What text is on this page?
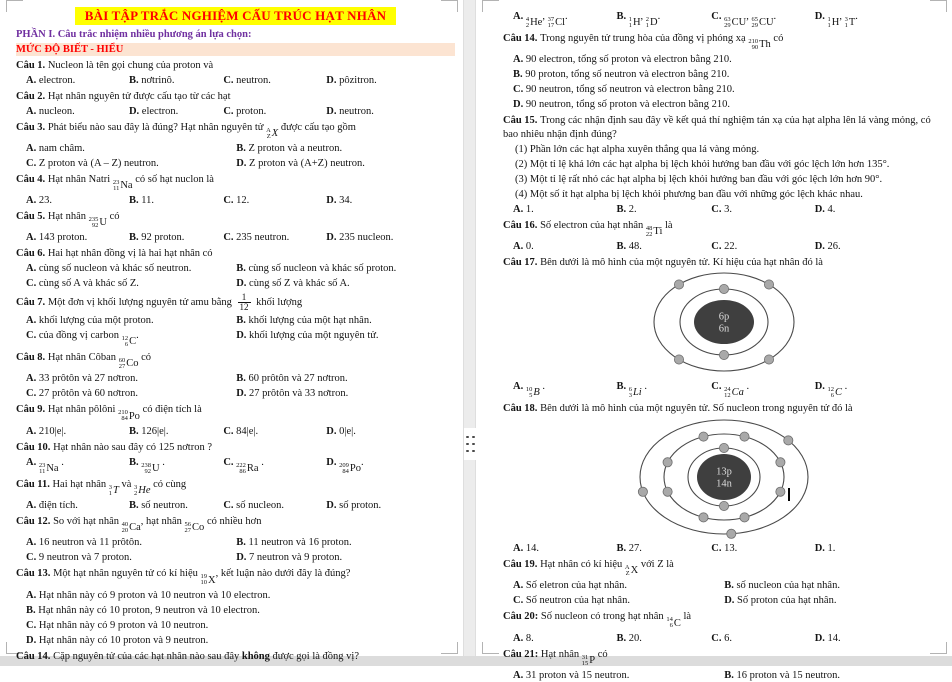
BÀI TẬP TRẮC NGHIỆM CẤU TRÚC HẠT NHÂN
PHẦN I. Câu trắc nhiệm nhiều phương án lựa chọn:
MỨC ĐỘ BIẾT - HIỂU
Câu 1. Nucleon là tên gọi chung của proton và
A. electron.	B. nơtrinô.	C. neutron.	D. pôzitron.
Câu 2. Hạt nhân nguyên tử được cấu tạo từ các hạt
A. nucleon.	D. electron.	C. proton.	D. neutron.
Câu 3. Phát biểu nào sau đây là đúng? Hạt nhân nguyên tử A
Z X
được cấu tạo gồm
A. nam châm.	B. Z proton và a neutron.
C. Z proton và (A – Z) neutron.	D. Z proton và (A+Z) neutron.
Câu 4. Hạt nhân Natri 23
11 Na
có số hạt nuclon là
A. 23.	B. 11.	C. 12.	D. 34.
Câu 5. Hạt nhân 235
92 U
có
A. 143 proton.	B. 92 proton.	C. 235 neutron.	D. 235 nucleon.
Câu 6. Hai hạt nhân đồng vị là hai hạt nhân có
A. cùng số nucleon và khác số neutron.	B. cùng số nucleon và khác số proton.
C. cùng số A và khác số Z.	D. cùng số Z và khác số A.
Câu 7. Một đơn vị khối lượng nguyên tử amu bằng $\frac{1}{12}$ khối lượng
A. khối lượng của một proton.	B. khối lượng của một hạt nhân.
C. của đồng vị carbon 12
6 C
.	D. khối lượng của một nguyên tử.
Câu 8. Hạt nhân Côban 60
27 Co
có
A. 33 prôtôn và 27 nơtron.	B. 60 prôtôn và 27 nơtron.
C. 27 prôtôn và 60 nơtron.	D. 27 prôtôn và 33 nơtron.
Câu 9. Hạt nhân pôlôni 210
84 Po
có điện tích là
A. 210|e|.	B. 126|e|.	C. 84|e|.	D. 0|e|.
Câu 10. Hạt nhân nào sau đây có 125 nơtron ?
A. 23
11 Na
.	B. 238
92 U
.	C. 222
86 Ra
.	D. 209
84 Po
.
Câu 11. Hai hạt nhân 3
1 T
và 3
2 He
có cùng
A. điện tích.	B. số neutron.	C. số nucleon.	D. số proton.
Câu 12. So với hạt nhân 40
20 Ca
, hạt nhân 56
27 Co
có nhiều hơn
A. 16 neutron và 11 prôtôn.	B. 11 neutron và 16 proton.
C. 9 neutron và 7 proton.	D. 7 neutron và 9 proton.
Câu 13. Một hạt nhân nguyên tử có kí hiệu 19
10 X
, kết luận nào dưới đây là đúng?
A. Hạt nhân này có 9 proton và 10 neutron và 10 electron.
B. Hạt nhân này có 10 proton, 9 neutron và 10 electron.
C. Hạt nhân này có 9 proton và 10 neutron.
D. Hạt nhân này có 10 proton và 9 neutron.
Câu 14. Cặp nguyên tử của các hạt nhân nào sau đây không được gọi là đồng vị?
A. 4
2 He
, 37
17 Cl
.	B. 1
1 H
, 2
1 D
.	C. 63
29 CU
, 65
29 CU
.	D. 1
1 H
, 3
1 T
.
Câu 14. Trong nguyên tử trung hòa của đồng vị phóng xạ 210
90 Th
có
A. 90 electron, tổng số proton và electron bằng 210.
B. 90 proton, tổng số neutron và electron bằng 210.
C. 90 neutron, tổng số neutron và electron bằng 210.
D. 90 neutron, tổng số proton và electron bằng 210.
Câu 15. Trong các nhận định sau đây về kết quả thí nghiệm tán xạ của hạt alpha lên lá vàng mỏng, có bao nhiêu nhận định đúng?
(1) Phần lớn các hạt alpha xuyên thẳng qua lá vàng mỏng.
(2) Một tỉ lệ khá lớn các hạt alpha bị lệch khỏi hướng ban đầu với góc lệch lớn hơn 135°.
(3) Một tỉ lệ rất nhỏ các hạt alpha bị lệch khỏi hướng ban đầu với góc lệch lớn hơn 90°.
(4) Một số ít hạt alpha bị lệch khỏi phương ban đầu với những góc lệch khác nhau.
A. 1.	B. 2.	C. 3.	D. 4.
Câu 16. Số electron của hạt nhân 48
22 Ti
là
A. 0.	B. 48.	C. 22.	D. 26.
Câu 17. Bên dưới là mô hình của một nguyên tử. Kí hiệu của hạt nhân đó là
6p
6n
A. 10
5 B
.	B. 6
3 Li
.	C. 24
12 Ca
.	D. 12
6 C
.
Câu 18. Bên dưới là mô hình của một nguyên tử. Số nucleon trong nguyên tử đó là
13p
14n
A. 14.	B. 27.	C. 13.	D. 1.
Câu 19. Hạt nhân có kí hiệu A
Z X
với Z là
A. Số eletron của hạt nhân.	B. số nucleon của hạt nhân.
C. Số neutron của hạt nhân.	D. Số proton của hạt nhân.
Câu 20: Số nucleon có trong hạt nhân 14
6 C
là
A. 8.	B. 20.	C. 6.	D. 14.
Câu 21: Hạt nhân 31
15 P
có
A. 31 proton và 15 neutron.	B. 16 proton và 15 neutron.
